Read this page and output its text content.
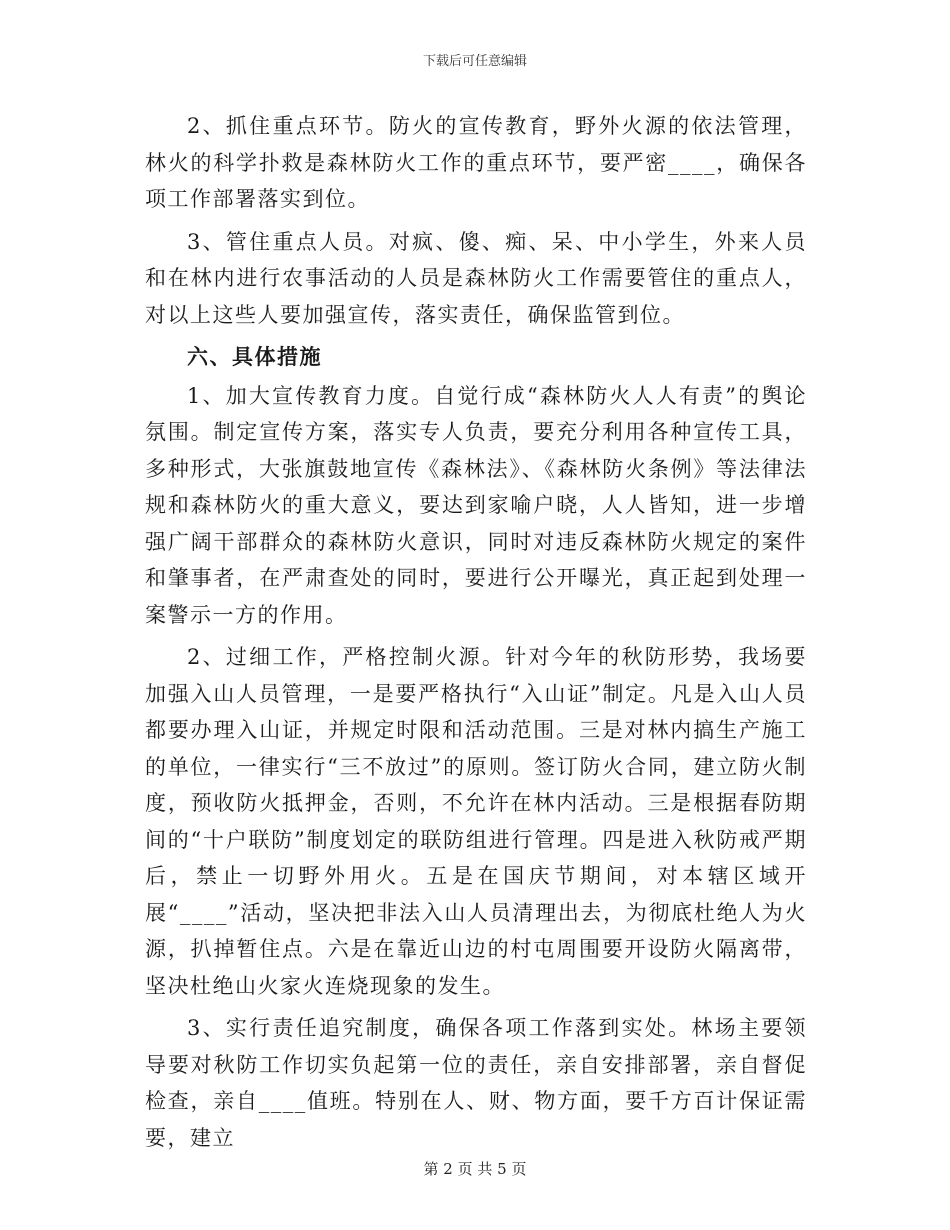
下载后可任意编辑

2、抓住重点环节。防火的宣传教育，野外火源的依法管理，林火的科学扑救是森林防火工作的重点环节，要严密____，确保各项工作部署落实到位。

3、管住重点人员。对疯、傻、痴、呆、中小学生，外来人员和在林内进行农事活动的人员是森林防火工作需要管住的重点人，对以上这些人要加强宣传，落实责任，确保监管到位。

六、具体措施

1、加大宣传教育力度。自觉行成“森林防火人人有责”的舆论氛围。制定宣传方案，落实专人负责，要充分利用各种宣传工具，多种形式，大张旗鼓地宣传《森林法》、《森林防火条例》等法律法规和森林防火的重大意义，要达到家喻户晓，人人皆知，进一步增强广阔干部群众的森林防火意识，同时对违反森林防火规定的案件和肇事者，在严肃查处的同时，要进行公开曝光，真正起到处理一案警示一方的作用。

2、过细工作，严格控制火源。针对今年的秋防形势，我场要加强入山人员管理，一是要严格执行“入山证”制定。凡是入山人员都要办理入山证，并规定时限和活动范围。三是对林内搞生产施工的单位，一律实行“三不放过”的原则。签订防火合同，建立防火制度，预收防火抵押金，否则，不允许在林内活动。三是根据春防期间的“十户联防”制度划定的联防组进行管理。四是进入秋防戒严期后，禁止一切野外用火。五是在国庆节期间，对本辖区域开展“____”活动，坚决把非法入山人员清理出去，为彻底杜绝人为火源，扒掉暂住点。六是在靠近山边的村屯周围要开设防火隔离带，坚决杜绝山火家火连烧现象的发生。

3、实行责任追究制度，确保各项工作落到实处。林场主要领导要对秋防工作切实负起第一位的责任，亲自安排部署，亲自督促检查，亲自____值班。特别在人、财、物方面，要千方百计保证需要，建立

第 2 页 共 5 页
